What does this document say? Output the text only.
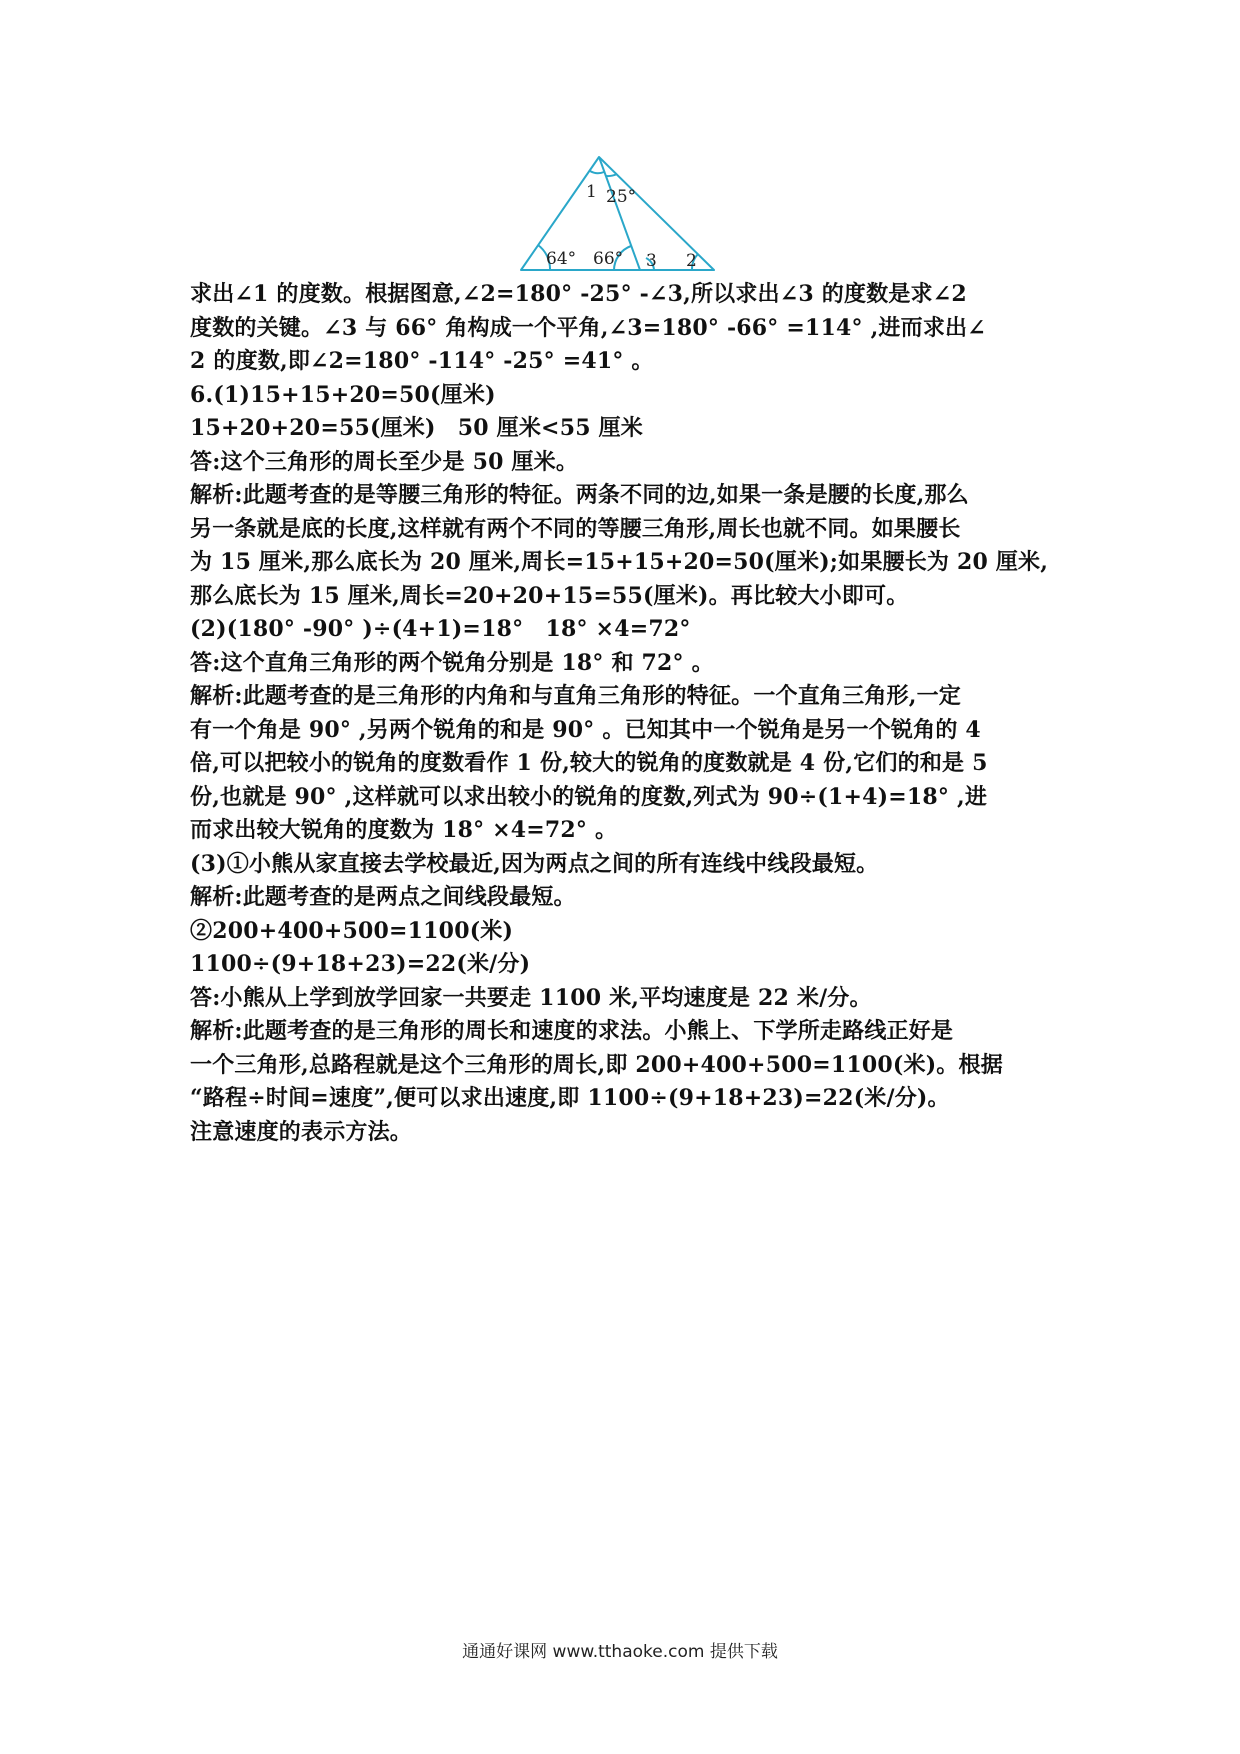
1 25°
64° 66° 3 2
求出∠1 的度数。根据图意,∠2=180° -25° -∠3,所以求出∠3 的度数是求∠2
度数的关键。∠3 与 66° 角构成一个平角,∠3=180° -66° =114° ,进而求出∠
2 的度数,即∠2=180° -114° -25° =41° 。
6.(1)15+15+20=50(厘米)
15+20+20=55(厘米)　50 厘米<55 厘米
答:这个三角形的周长至少是 50 厘米。
解析:此题考查的是等腰三角形的特征。两条不同的边,如果一条是腰的长度,那么
另一条就是底的长度,这样就有两个不同的等腰三角形,周长也就不同。如果腰长
为 15 厘米,那么底长为 20 厘米,周长=15+15+20=50(厘米);如果腰长为 20 厘米,
那么底长为 15 厘米,周长=20+20+15=55(厘米)。再比较大小即可。
(2)(180° -90° )÷(4+1)=18°　18° ×4=72°
答:这个直角三角形的两个锐角分别是 18° 和 72° 。
解析:此题考查的是三角形的内角和与直角三角形的特征。一个直角三角形,一定
有一个角是 90° ,另两个锐角的和是 90° 。已知其中一个锐角是另一个锐角的 4
倍,可以把较小的锐角的度数看作 1 份,较大的锐角的度数就是 4 份,它们的和是 5
份,也就是 90° ,这样就可以求出较小的锐角的度数,列式为 90÷(1+4)=18° ,进
而求出较大锐角的度数为 18° ×4=72° 。
(3)①小熊从家直接去学校最近,因为两点之间的所有连线中线段最短。
解析:此题考查的是两点之间线段最短。
②200+400+500=1100(米)
1100÷(9+18+23)=22(米/分)
答:小熊从上学到放学回家一共要走 1100 米,平均速度是 22 米/分。
解析:此题考查的是三角形的周长和速度的求法。小熊上、下学所走路线正好是
一个三角形,总路程就是这个三角形的周长,即 200+400+500=1100(米)。根据
“路程÷时间=速度”,便可以求出速度,即 1100÷(9+18+23)=22(米/分)。
注意速度的表示方法。
通通好课网 www.tthaoke.com 提供下载
